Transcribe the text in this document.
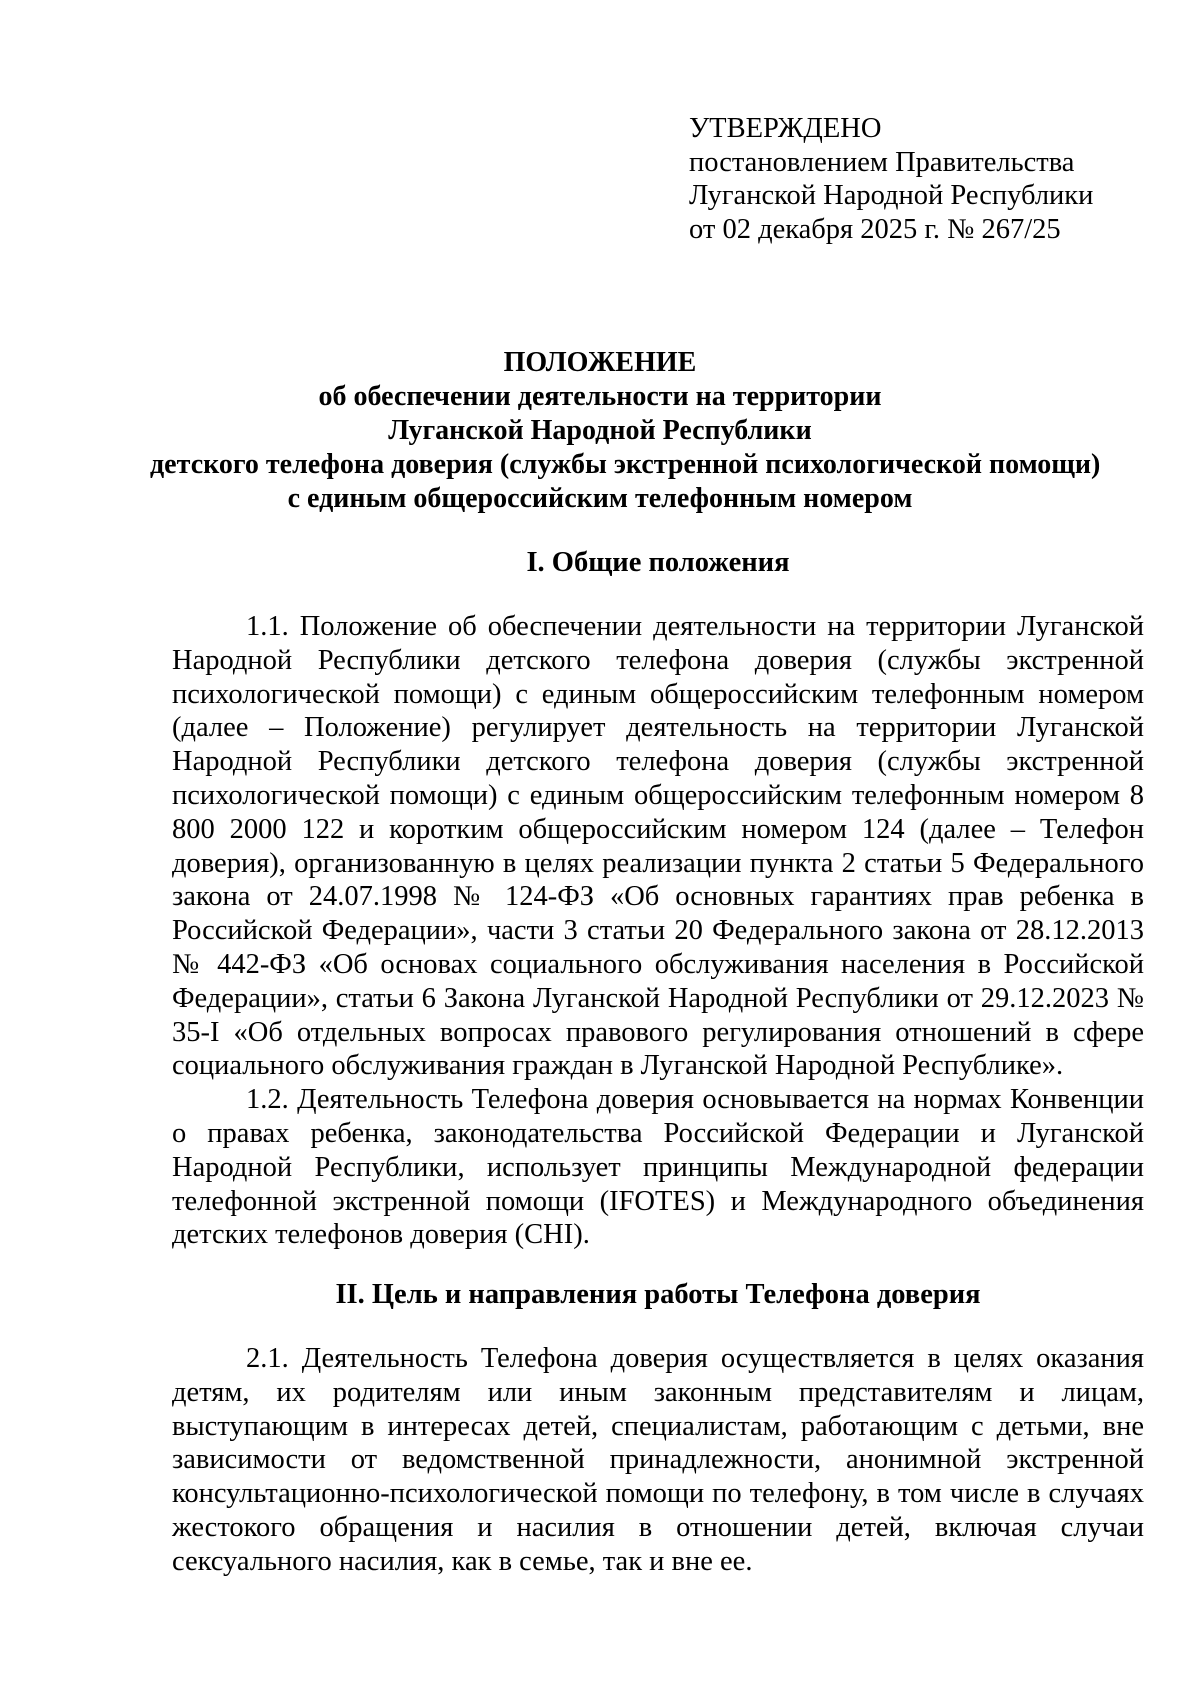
УТВЕРЖДЕНО
постановлением Правительства
Луганской Народной Республики
от 02 декабря 2025 г. № 267/25
ПОЛОЖЕНИЕ
об обеспечении деятельности на территории
Луганской Народной Республики
детского телефона доверия (службы экстренной психологической помощи)
с единым общероссийским телефонным номером
I. Общие положения

1.1. Положение об обеспечении деятельности на территории Луганской Народной Республики детского телефона доверия (службы экстренной психологической помощи) с единым общероссийским телефонным номером (далее – Положение) регулирует деятельность на территории Луганской Народной Республики детского телефона доверия (службы экстренной психологической помощи) с единым общероссийским телефонным номером 8 800 2000 122 и коротким общероссийским номером 124 (далее – Телефон доверия), организованную в целях реализации пункта 2 статьи 5 Федерального закона от 24.07.1998 № 124-ФЗ «Об основных гарантиях прав ребенка в Российской Федерации», части 3 статьи 20 Федерального закона от 28.12.2013 № 442-ФЗ «Об основах социального обслуживания населения в Российской Федерации», статьи 6 Закона Луганской Народной Республики от 29.12.2023 № 35-I «Об отдельных вопросах правового регулирования отношений в сфере социального обслуживания граждан в Луганской Народной Республике».

1.2. Деятельность Телефона доверия основывается на нормах Конвенции о правах ребенка, законодательства Российской Федерации и Луганской Народной Республики, использует принципы Международной федерации телефонной экстренной помощи (IFOTES) и Международного объединения детских телефонов доверия (CHI).

II. Цель и направления работы Телефона доверия

2.1. Деятельность Телефона доверия осуществляется в целях оказания детям, их родителям или иным законным представителям и лицам, выступающим в интересах детей, специалистам, работающим с детьми, вне зависимости от ведомственной принадлежности, анонимной экстренной консультационно-психологической помощи по телефону, в том числе в случаях жестокого обращения и насилия в отношении детей, включая случаи сексуального насилия, как в семье, так и вне ее.
